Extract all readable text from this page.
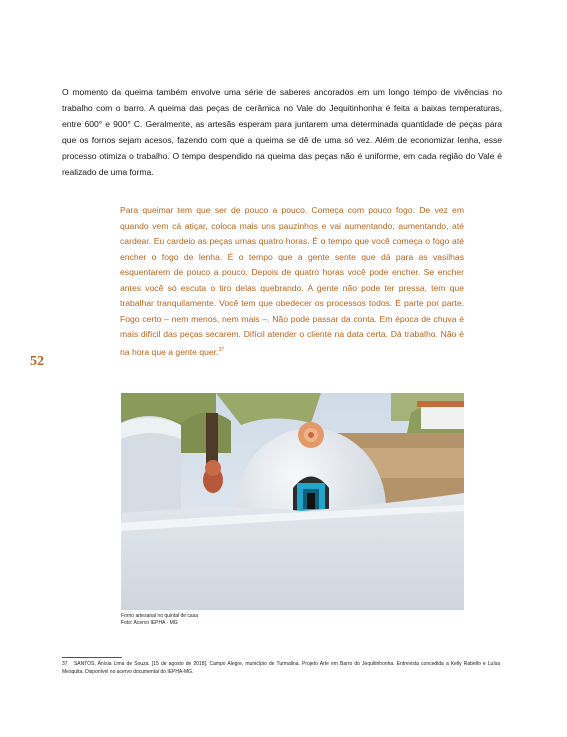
O momento da queima também envolve uma série de saberes ancorados em um longo tempo de vivências no trabalho com o barro. A queima das peças de cerâmica no Vale do Jequitinhonha é feita a baixas temperaturas, entre 600° e 900° C. Geralmente, as artesãs esperam para juntarem uma determinada quantidade de peças para que os fornos sejam acesos, fazendo com que a queima se dê de uma só vez. Além de economizar lenha, esse processo otimiza o trabalho. O tempo despendido na queima das peças não é uniforme, em cada região do Vale é realizado de uma forma.
Para queimar tem que ser de pouco a pouco. Começa com pouco fogo. De vez em quando vem cá atiçar, coloca mais uns pauzinhos e vai aumentando, aumentando, até cardear. Eu cardeio as peças umas quatro horas. É o tempo que você começa o fogo até encher o fogo de lenha. É o tempo que a gente sente que dá para as vasilhas esquentarem de pouco a pouco. Depois de quatro horas você pode encher. Se encher antes você só escuta o tiro delas quebrando. A gente não pode ter pressa, tem que trabalhar tranquilamente. Você tem que obedecer os processos todos. É parte por parte. Fogo certo – nem menos, nem mais –. Não pode passar da conta. Em época de chuva é mais difícil das peças secarem. Difícil atender o cliente na data certa. Dá trabalho. Não é na hora que a gente quer.$^{37}$
52
Forno artesanal no quintal de casa
Foto: Acervo IEPHA - MG
37 SANTOS, Anísia Lima de Souza. [15 de agosto de 2018]. Campo Alegre, município de Turmalina. Projeto Arte em Barro do Jequitinhonha. Entrevista concedida a Kelly Rabello e Luísa Mesquita. Disponível no acervo documental do IEPHA-MG.
